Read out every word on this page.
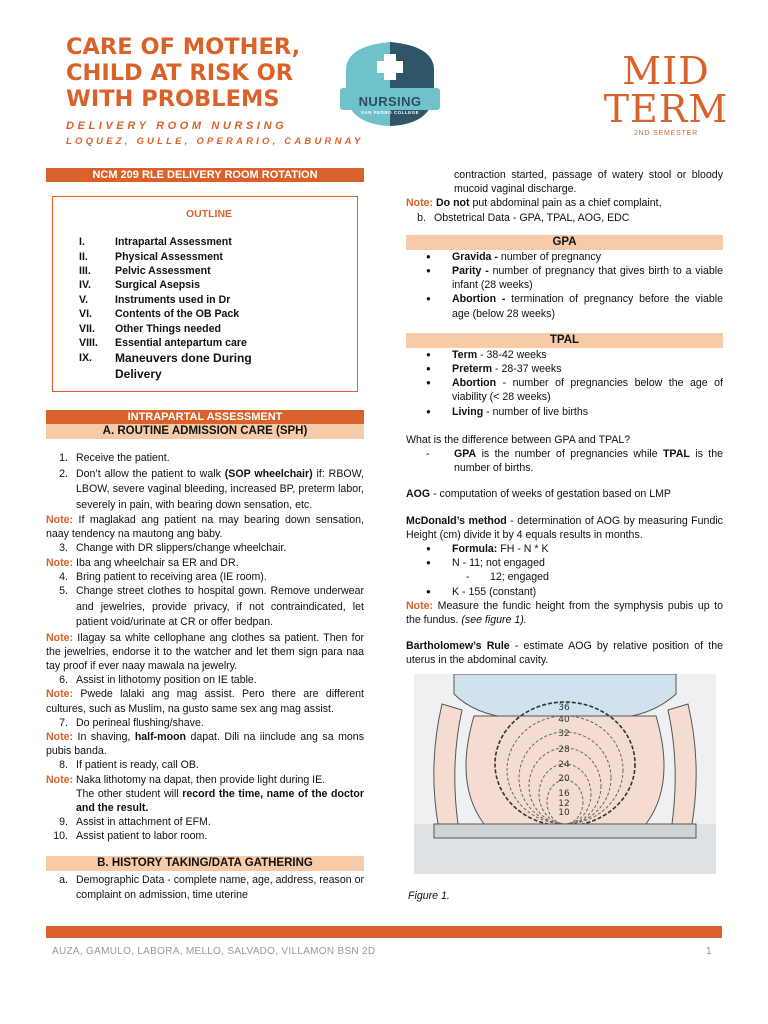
CARE OF MOTHER, CHILD AT RISK OR WITH PROBLEMS
DELIVERY ROOM NURSING
LOQUEZ, GULLE, OPERARIO, CABURNAY
NURSING
SAN PEDRO COLLEGE
MID
TERM
2ND SEMESTER
NCM 209 RLE DELIVERY ROOM ROTATION
OUTLINE
I.	Intrapartal Assessment
II.	Physical Assessment
III.	Pelvic Assessment
IV.	Surgical Asepsis
V.	Instruments used in Dr
VI.	Contents of the OB Pack
VII.	Other Things needed
VIII.	Essential antepartum care
IX.	Maneuvers done During Delivery
INTRAPARTAL ASSESSMENT
A. ROUTINE ADMISSION CARE (SPH)
1. Receive the patient.
2. Don’t allow the patient to walk (SOP wheelchair) if: RBOW, LBOW, severe vaginal bleeding, increased BP, preterm labor, severely in pain, with bearing down sensation, etc.
Note: If maglakad ang patient na may bearing down sensation, naay tendency na mautong ang baby.
3. Change with DR slippers/change wheelchair.
Note: Iba ang wheelchair sa ER and DR.
4. Bring patient to receiving area (IE room).
5. Change street clothes to hospital gown. Remove underwear and jewelries, provide privacy, if not contraindicated, let patient void/urinate at CR or offer bedpan.
Note: Ilagay sa white cellophane ang clothes sa patient. Then for the jewelries, endorse it to the watcher and let them sign para naa tay proof if ever naay mawala na jewelry.
6. Assist in lithotomy position on IE table.
Note: Pwede lalaki ang mag assist. Pero there are different cultures, such as Muslim, na gusto same sex ang mag assist.
7. Do perineal flushing/shave.
Note: In shaving, half-moon dapat. Dili na iinclude ang sa mons pubis banda.
8. If patient is ready, call OB.
Note: Naka lithotomy na dapat, then provide light during IE.
The other student will record the time, name of the doctor and the result.
9. Assist in attachment of EFM.
10. Assist patient to labor room.
B. HISTORY TAKING/DATA GATHERING
a. Demographic Data - complete name, age, address, reason or complaint on admission, time uterine
contraction started, passage of watery stool or bloody mucoid vaginal discharge.
Note: Do not put abdominal pain as a chief complaint,
b. Obstetrical Data - GPA, TPAL, AOG, EDC
GPA
●	Gravida - number of pregnancy
●	Parity - number of pregnancy that gives birth to a viable infant (28 weeks)
●	Abortion - termination of pregnancy before the viable age (below 28 weeks)
TPAL
●	Term - 38-42 weeks
●	Preterm - 28-37 weeks
●	Abortion - number of pregnancies below the age of viability (< 28 weeks)
●	Living - number of live births
What is the difference between GPA and TPAL?
-	GPA is the number of pregnancies while TPAL is the number of births.
AOG - computation of weeks of gestation based on LMP
McDonald’s method - determination of AOG by measuring Fundic Height (cm) divide it by 4 equals results in months.
●	Formula: FH - N * K
●	N - 11; not engaged
-	12; engaged
●	K - 155 (constant)
Note: Measure the fundic height from the symphysis pubis up to the fundus. (see figure 1).
Bartholomew’s Rule - estimate AOG by relative position of the uterus in the abdominal cavity.
36
40
32
28
24
20
16
12
10
Figure 1.
AUZA, GAMULO, LABORA, MELLO, SALVADO, VILLAMON BSN 2D	1
